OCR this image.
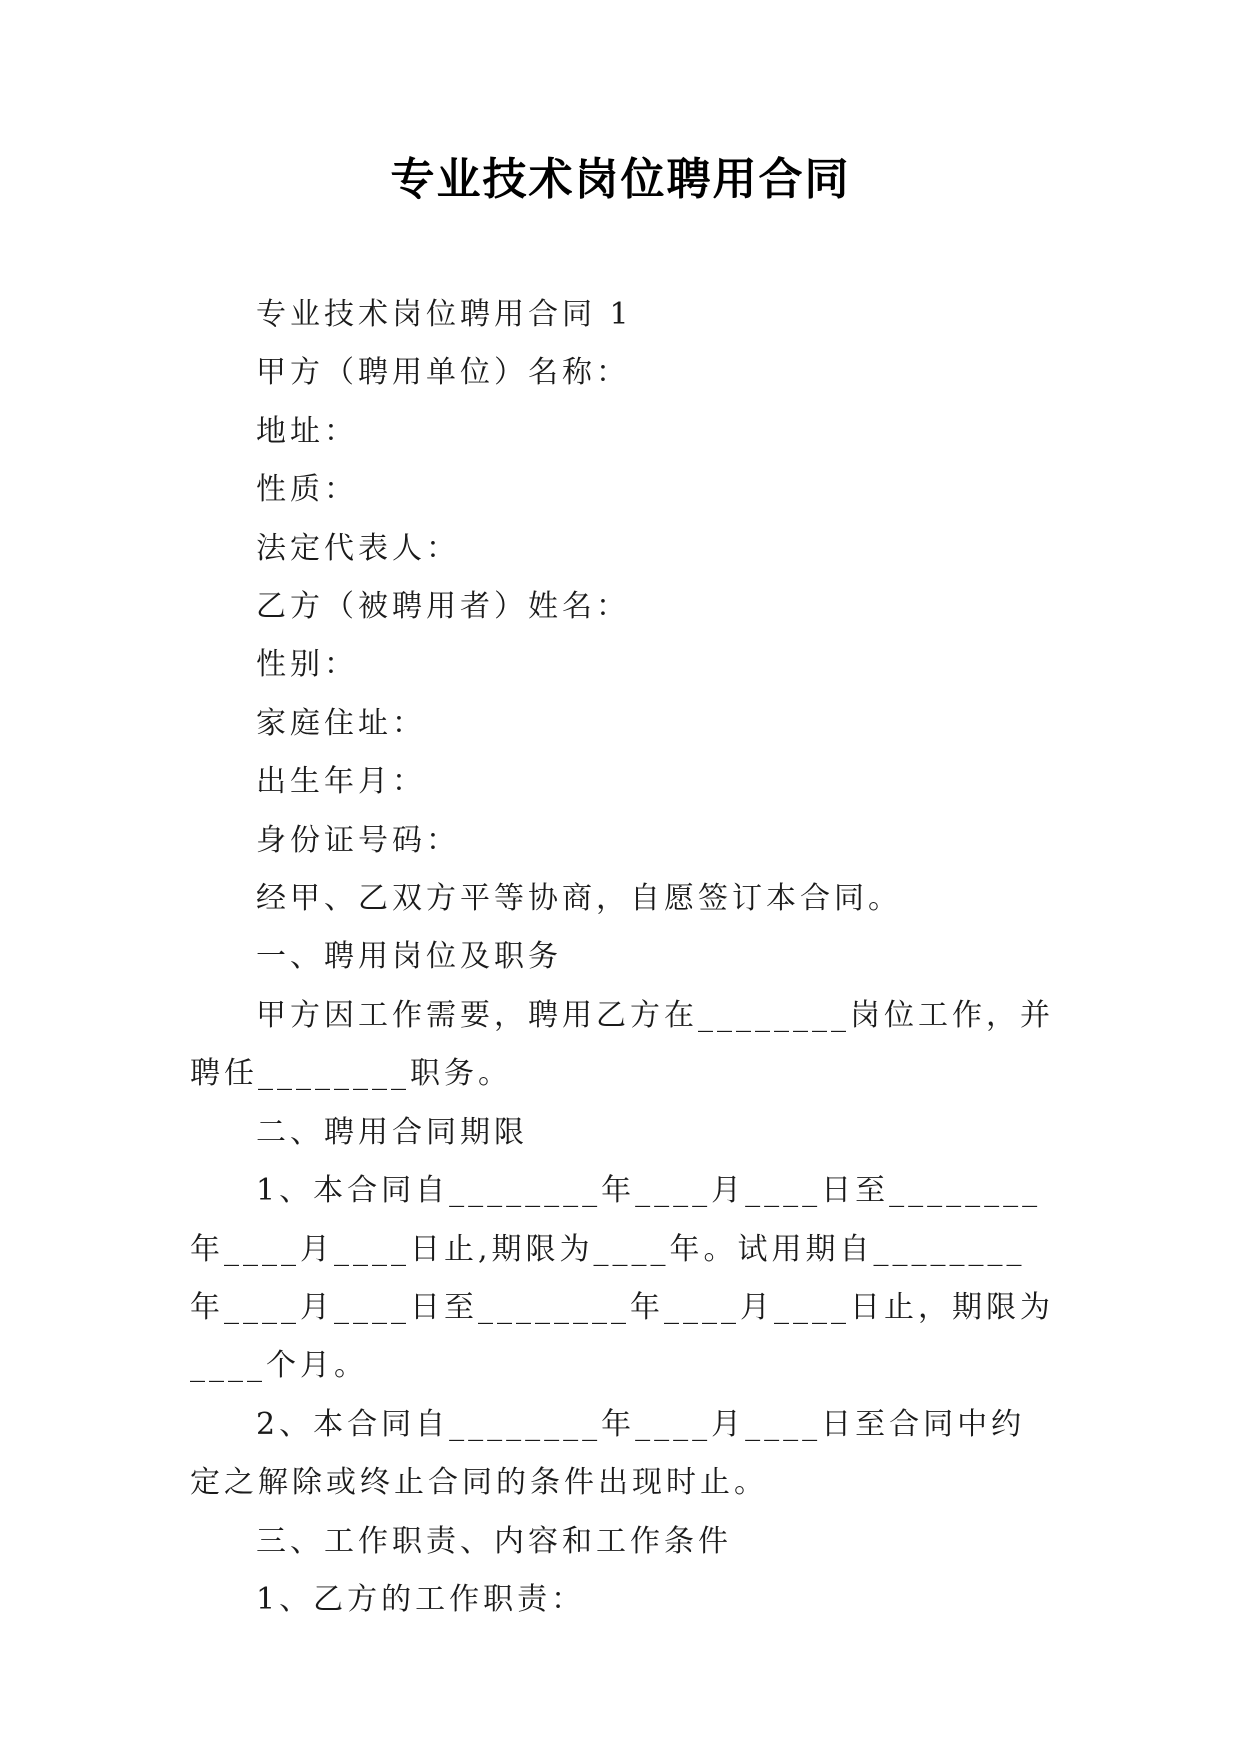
专业技术岗位聘用合同

专业技术岗位聘用合同 1

甲方（聘用单位）名称：

地址：

性质：

法定代表人：

乙方（被聘用者）姓名：

性别：

家庭住址：

出生年月：

身份证号码：

经甲、乙双方平等协商，自愿签订本合同。

一、聘用岗位及职务

甲方因工作需要，聘用乙方在________岗位工作，并聘任________职务。

二、聘用合同期限

1、本合同自________年____月____日至________年____月____日止,期限为____年。试用期自________年____月____日至________年____月____日止，期限为____个月。

2、本合同自________年____月____日至合同中约定之解除或终止合同的条件出现时止。

三、工作职责、内容和工作条件

1、乙方的工作职责：
